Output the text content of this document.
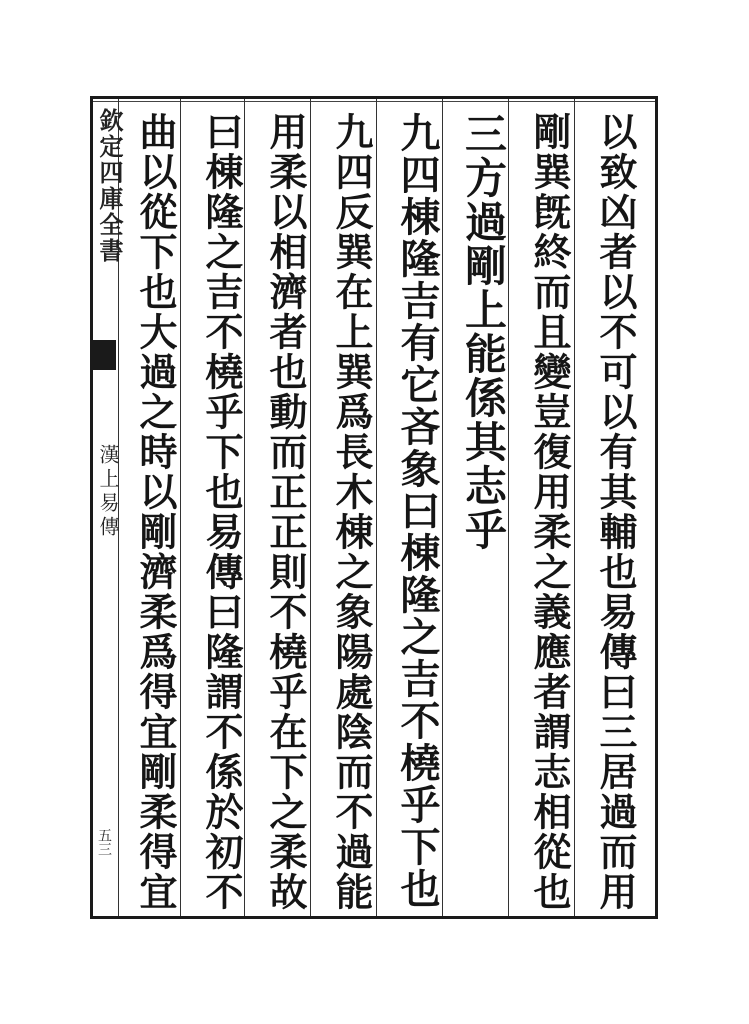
欽定四庫全書
漢上易傳
五三	以致凶者以不可以有其輔也易傳曰三居過而用
剛巽旣終而且變豈復用柔之義應者謂志相從也
三方過剛上能係其志乎
九四棟隆吉有它吝象曰棟隆之吉不橈乎下也
九四反巽在上巽爲長木棟之象陽處陰而不過能
用柔以相濟者也動而正正則不橈乎在下之柔故
曰棟隆之吉不橈乎下也易傳曰隆謂不係於初不
曲以從下也大過之時以剛濟柔爲得宜剛柔得宜
